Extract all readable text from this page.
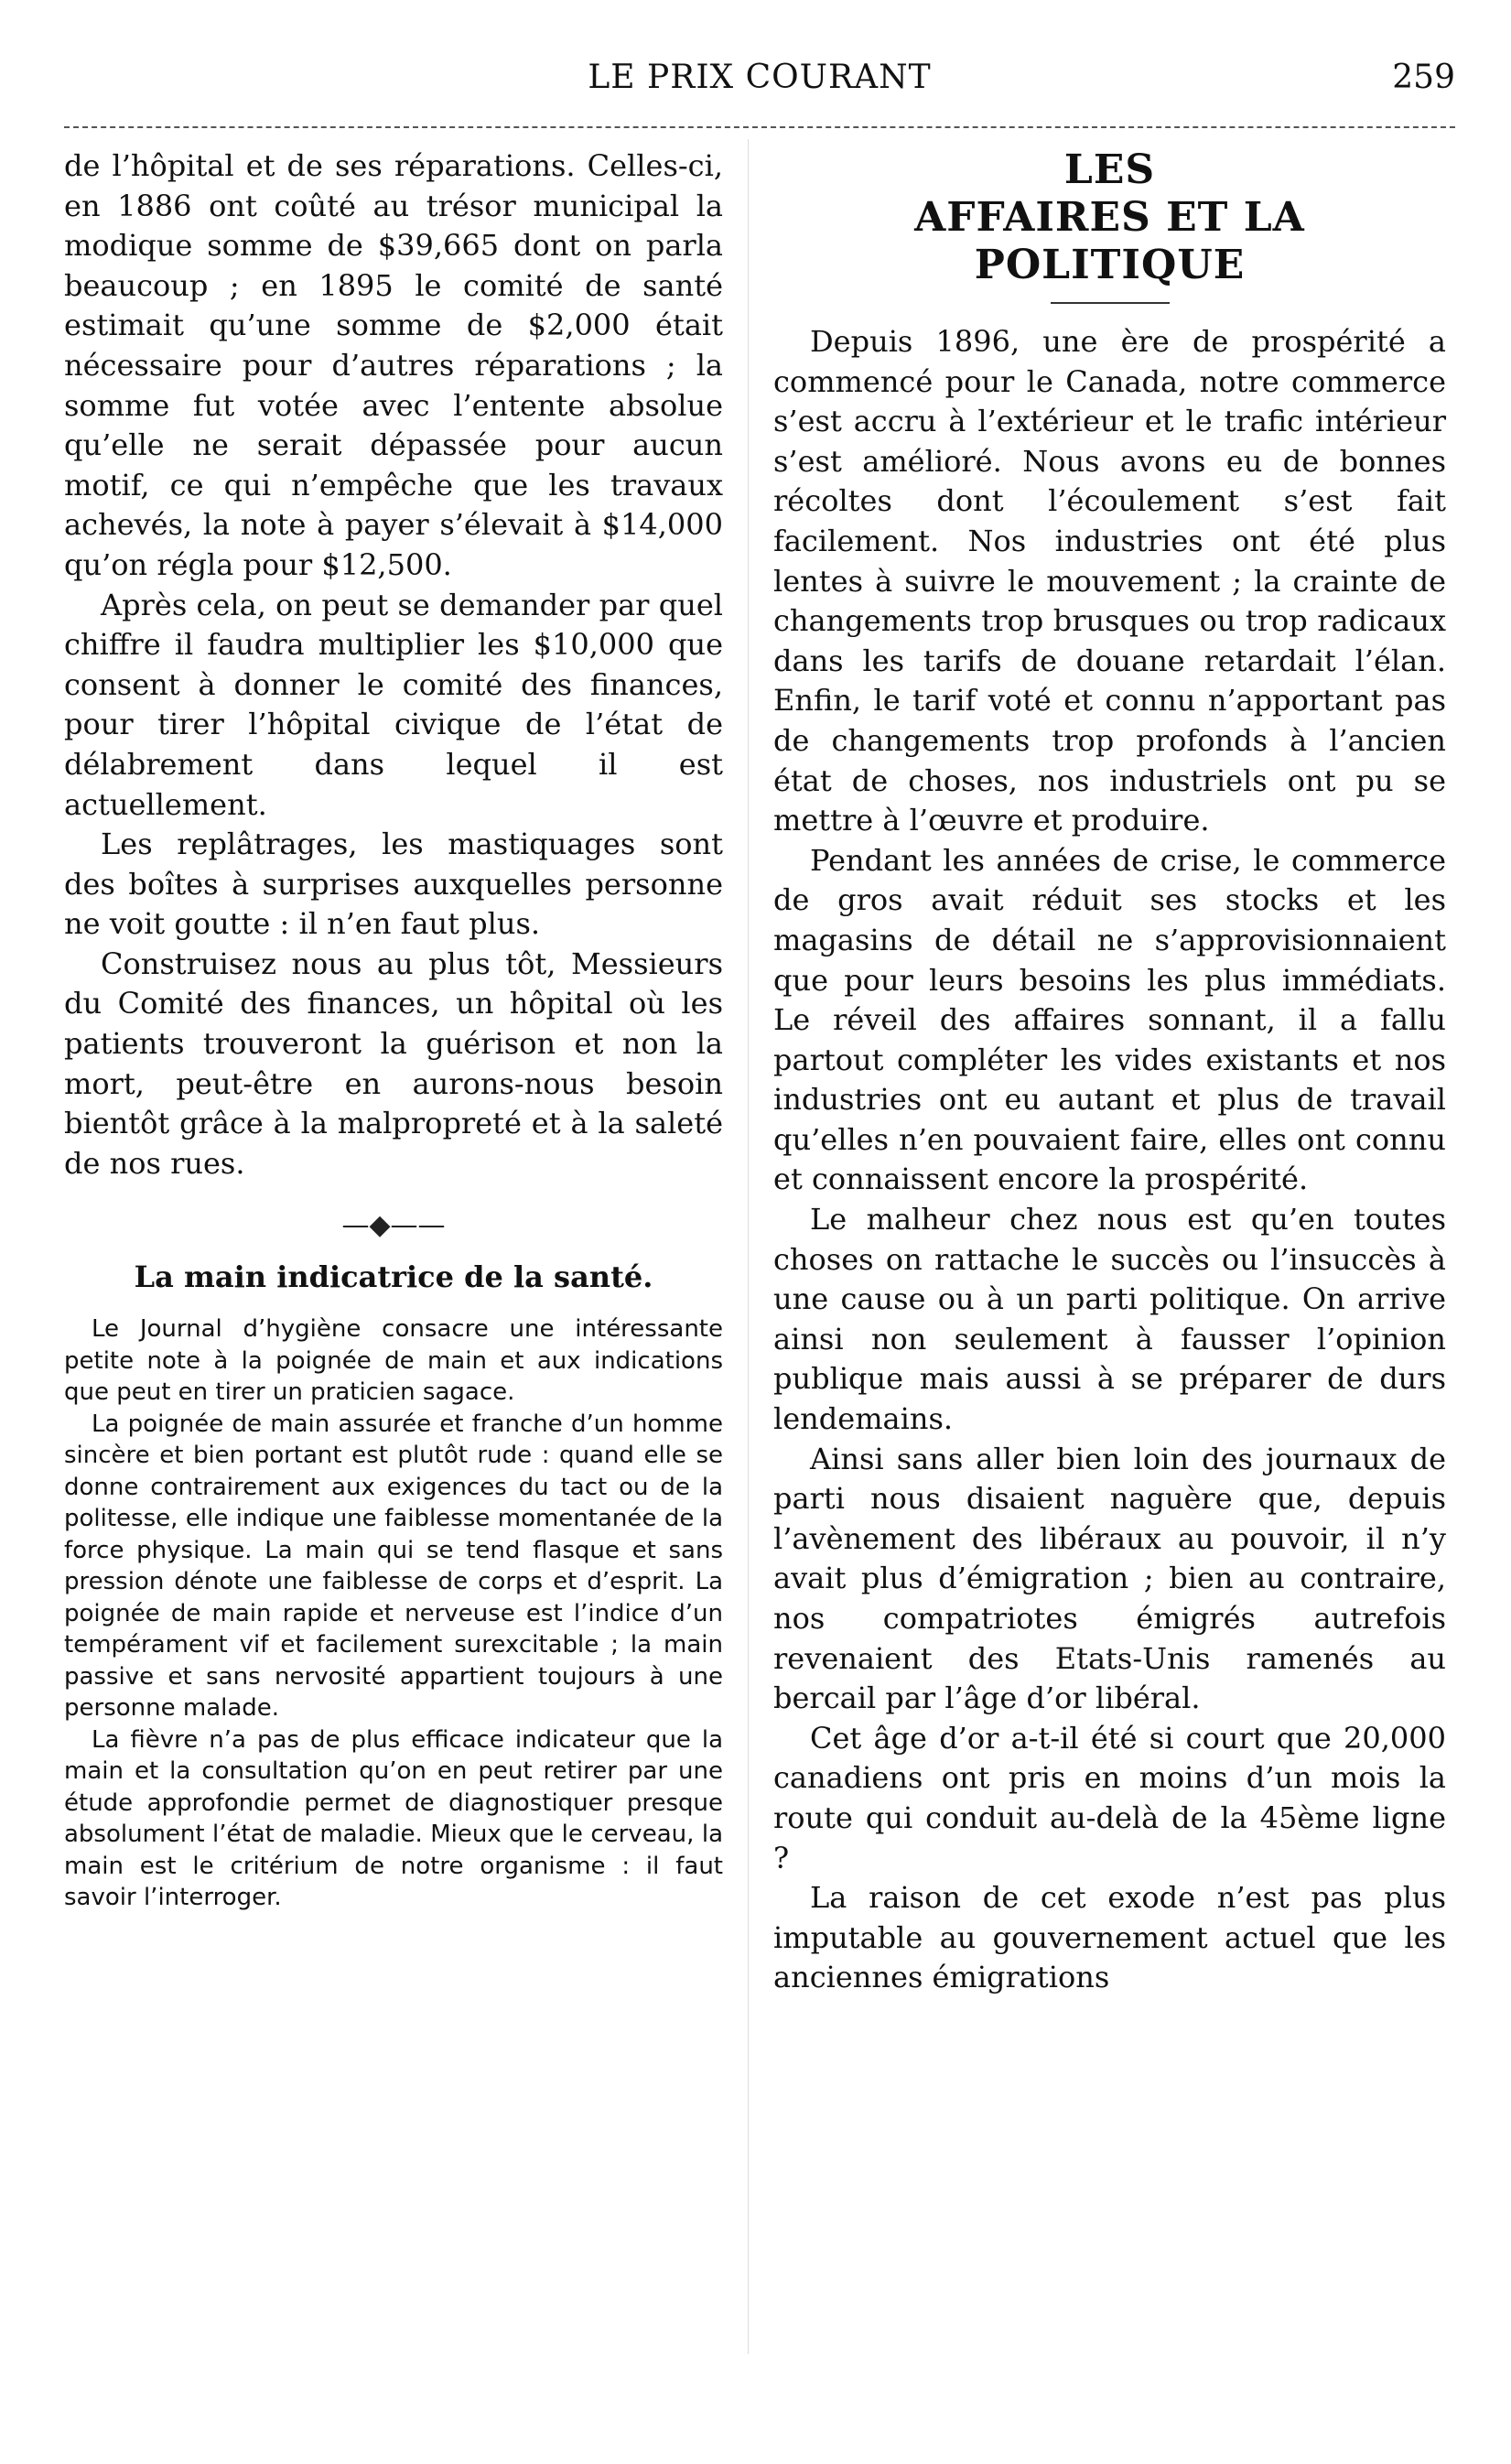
LE PRIX COURANT	259

de l’hôpital et de ses réparations. Celles-ci, en 1886 ont coûté au trésor municipal la modique somme de $39,665 dont on parla beaucoup ; en 1895 le comité de santé estimait qu’une somme de $2,000 était nécessaire pour d’autres réparations ; la somme fut votée avec l’entente absolue qu’elle ne serait dépassée pour aucun motif, ce qui n’empêche que les travaux achevés, la note à payer s’élevait à $14,000 qu’on régla pour $12,500.

Après cela, on peut se demander par quel chiffre il faudra multiplier les $10,000 que consent à donner le comité des finances, pour tirer l’hôpital civique de l’état de délabrement dans lequel il est actuellement.

Les replâtrages, les mastiquages sont des boîtes à surprises auxquelles personne ne voit goutte : il n’en faut plus.

Construisez nous au plus tôt, Messieurs du Comité des finances, un hôpital où les patients trouveront la guérison et non la mort, peut-être en aurons-nous besoin bientôt grâce à la malpropreté et à la saleté de nos rues.

—◆——
La main indicatrice de la santé.

Le Journal d’hygiène consacre une intéressante petite note à la poignée de main et aux indications que peut en tirer un praticien sagace.

La poignée de main assurée et franche d’un homme sincère et bien portant est plutôt rude : quand elle se donne contrairement aux exigences du tact ou de la politesse, elle indique une faiblesse momentanée de la force physique. La main qui se tend flasque et sans pression dénote une faiblesse de corps et d’esprit. La poignée de main rapide et nerveuse est l’indice d’un tempérament vif et facilement surexcitable ; la main passive et sans nervosité appartient toujours à une personne malade.

La fièvre n’a pas de plus efficace indicateur que la main et la consultation qu’on en peut retirer par une étude approfondie permet de diagnostiquer presque absolument l’état de maladie. Mieux que le cerveau, la main est le critérium de notre organisme : il faut savoir l’interroger.

LES
AFFAIRES ET LA POLITIQUE

Depuis 1896, une ère de prospérité a commencé pour le Canada, notre commerce s’est accru à l’extérieur et le trafic intérieur s’est amélioré. Nous avons eu de bonnes récoltes dont l’écoulement s’est fait facilement. Nos industries ont été plus lentes à suivre le mouvement ; la crainte de changements trop brusques ou trop radicaux dans les tarifs de douane retardait l’élan. Enfin, le tarif voté et connu n’apportant pas de changements trop profonds à l’ancien état de choses, nos industriels ont pu se mettre à l’œuvre et produire.

Pendant les années de crise, le commerce de gros avait réduit ses stocks et les magasins de détail ne s’approvisionnaient que pour leurs besoins les plus immédiats. Le réveil des affaires sonnant, il a fallu partout compléter les vides existants et nos industries ont eu autant et plus de travail qu’elles n’en pouvaient faire, elles ont connu et connaissent encore la prospérité.

Le malheur chez nous est qu’en toutes choses on rattache le succès ou l’insuccès à une cause ou à un parti politique. On arrive ainsi non seulement à fausser l’opinion publique mais aussi à se préparer de durs lendemains.

Ainsi sans aller bien loin des journaux de parti nous disaient naguère que, depuis l’avènement des libéraux au pouvoir, il n’y avait plus d’émigration ; bien au contraire, nos compatriotes émigrés autrefois revenaient des Etats-Unis ramenés au bercail par l’âge d’or libéral.

Cet âge d’or a-t-il été si court que 20,000 canadiens ont pris en moins d’un mois la route qui conduit au-delà de la 45ème ligne ?

La raison de cet exode n’est pas plus imputable au gouvernement actuel que les anciennes émigrations
